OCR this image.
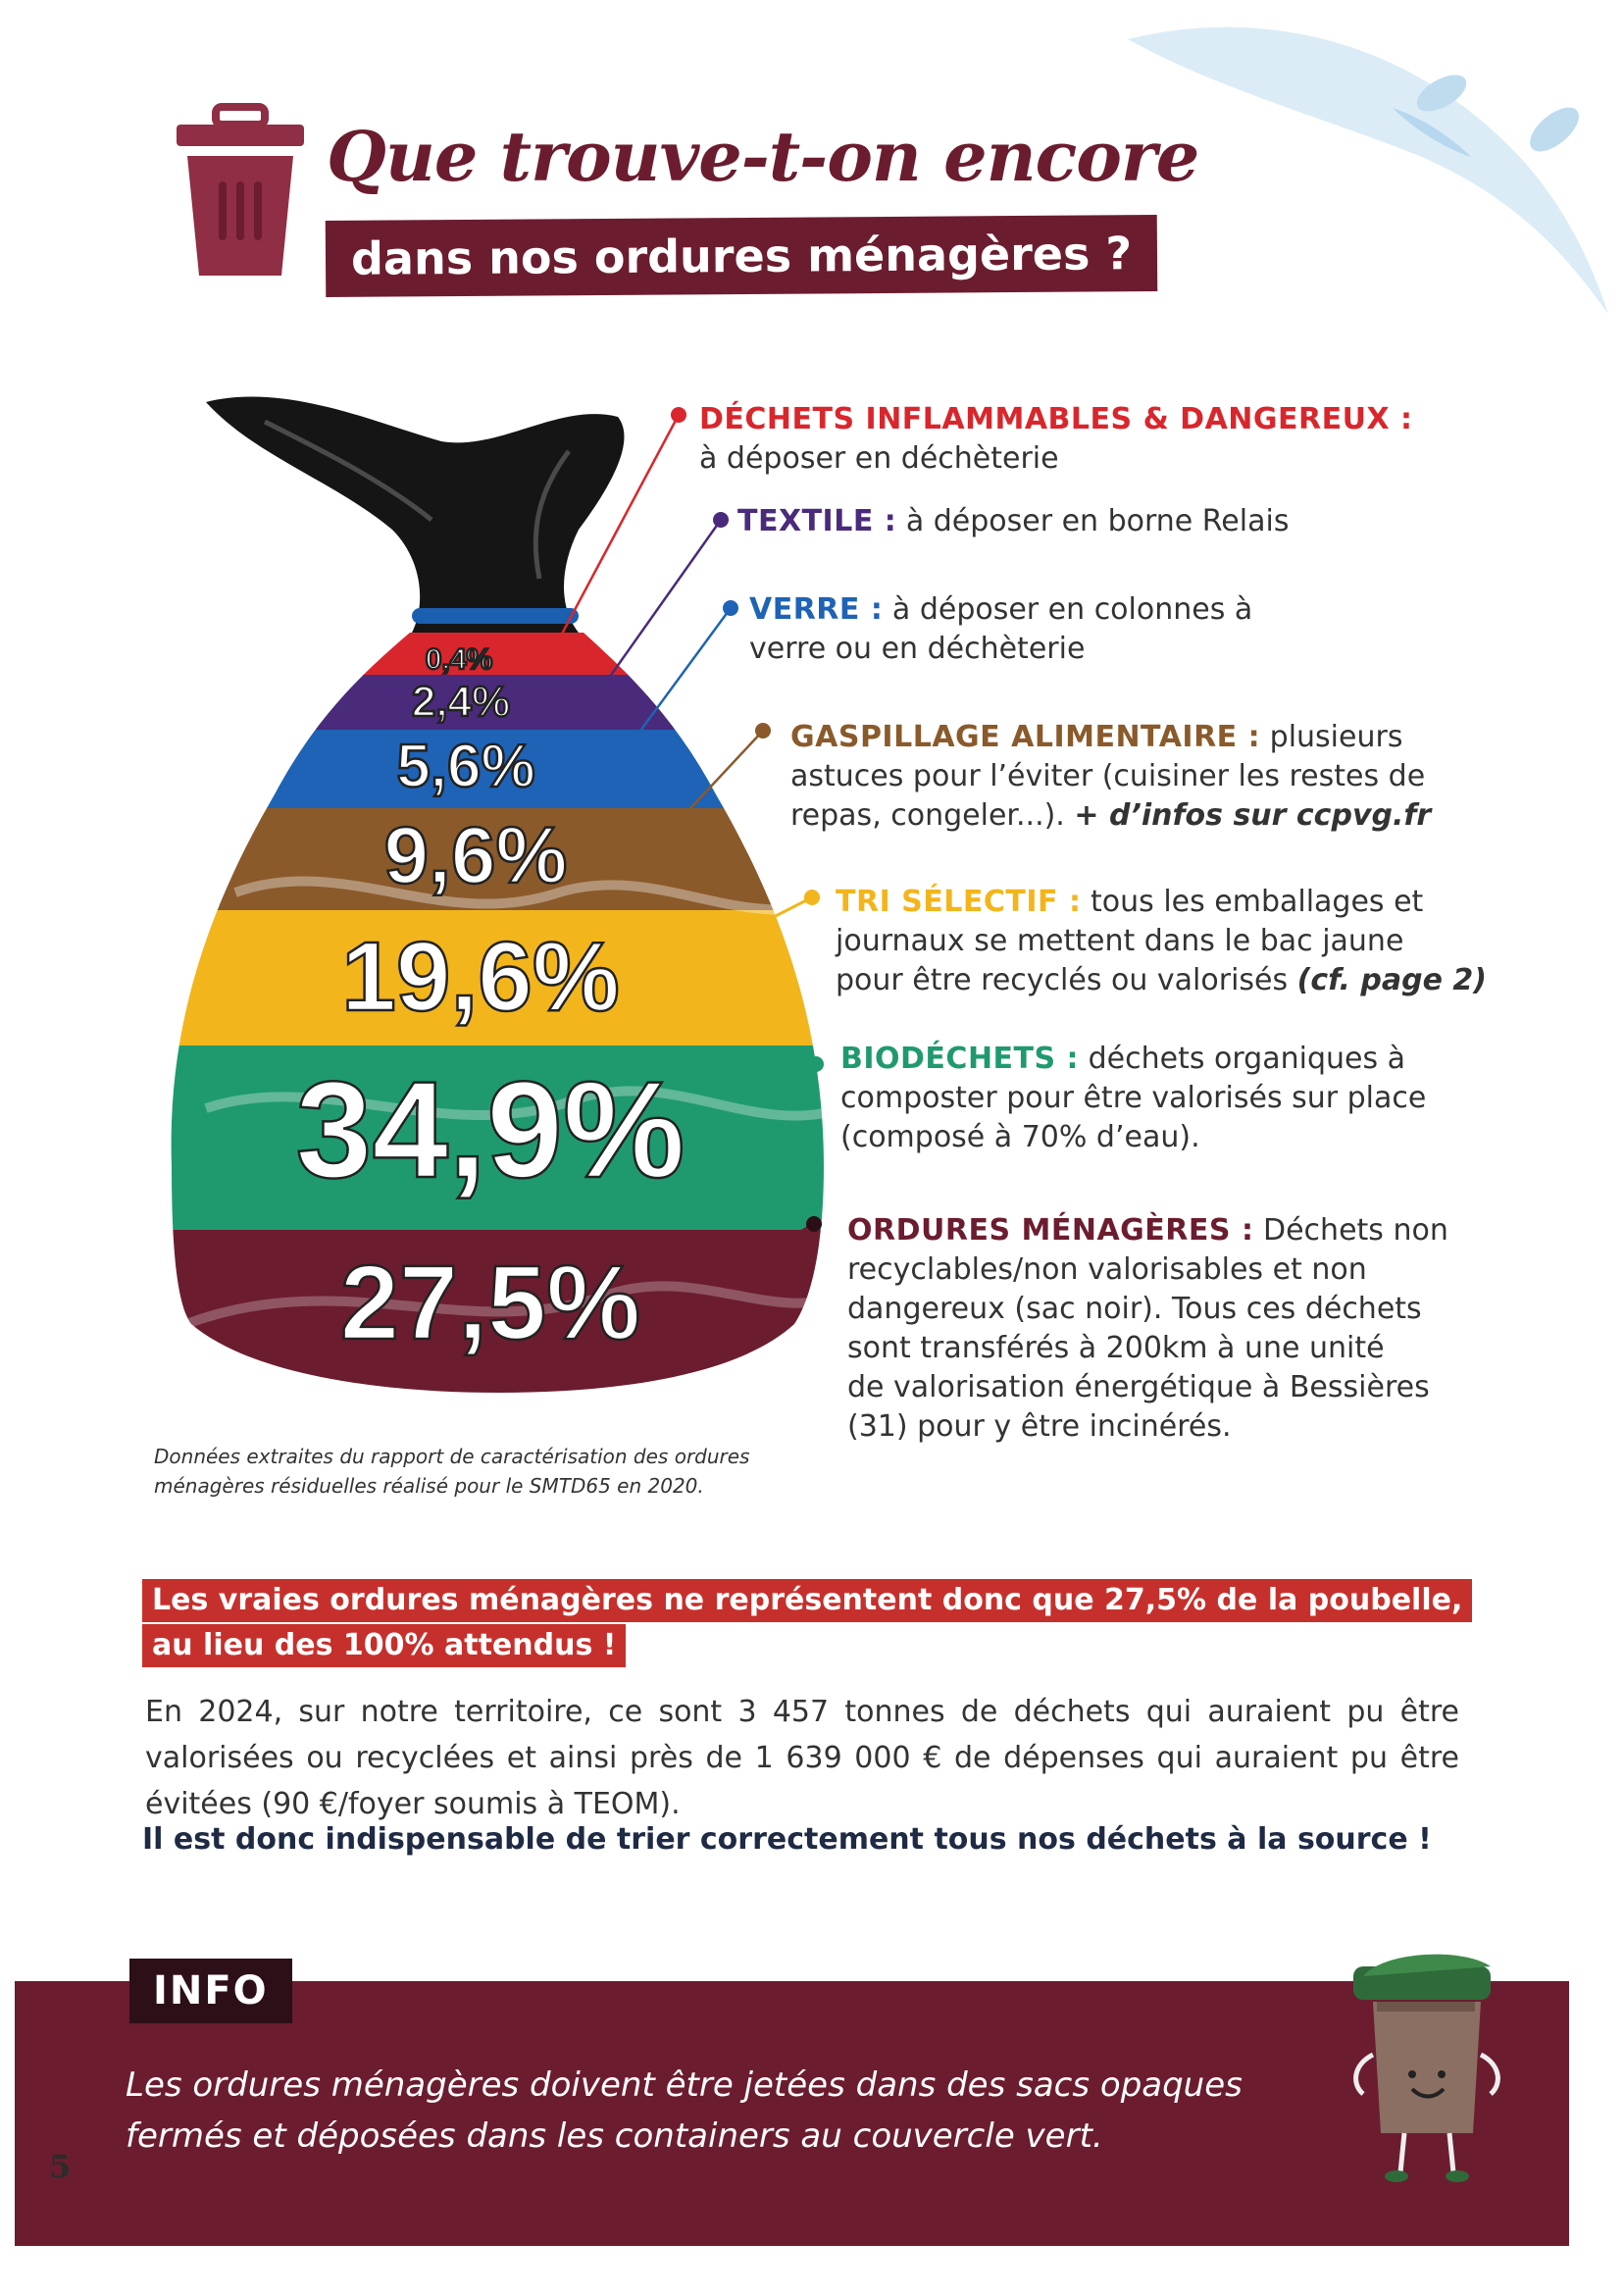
Que trouve-t-on encore
dans nos ordures ménagères ?
0,4%
2,4%
5,6%
9,6%
19,6%
34,9%
27,5%
DÉCHETS INFLAMMABLES & DANGEREUX :
à déposer en déchèterie
TEXTILE : à déposer en borne Relais
VERRE : à déposer en colonnes à
verre ou en déchèterie
GASPILLAGE ALIMENTAIRE : plusieurs
astuces pour l’éviter (cuisiner les restes de
repas, congeler...). + d’infos sur ccpvg.fr
TRI SÉLECTIF : tous les emballages et
journaux se mettent dans le bac jaune
pour être recyclés ou valorisés (cf. page 2)
BIODÉCHETS : déchets organiques à
composter pour être valorisés sur place
(composé à 70% d’eau).
ORDURES MÉNAGÈRES : Déchets non
recyclables/non valorisables et non
dangereux (sac noir). Tous ces déchets
sont transférés à 200km à une unité
de valorisation énergétique à Bessières
(31) pour y être incinérés.
Données extraites du rapport de caractérisation des ordures ménagères résiduelles réalisé pour le SMTD65 en 2020.
Les vraies ordures ménagères ne représentent donc que 27,5% de la poubelle,
au lieu des 100% attendus !
En 2024, sur notre territoire, ce sont 3 457 tonnes de déchets qui auraient pu être valorisées ou recyclées et ainsi près de 1 639 000 € de dépenses qui auraient pu être évitées (90 €/foyer soumis à TEOM).
Il est donc indispensable de trier correctement tous nos déchets à la source !
INFO
Les ordures ménagères doivent être jetées dans des sacs opaques fermés et déposées dans les containers au couvercle vert.
5
